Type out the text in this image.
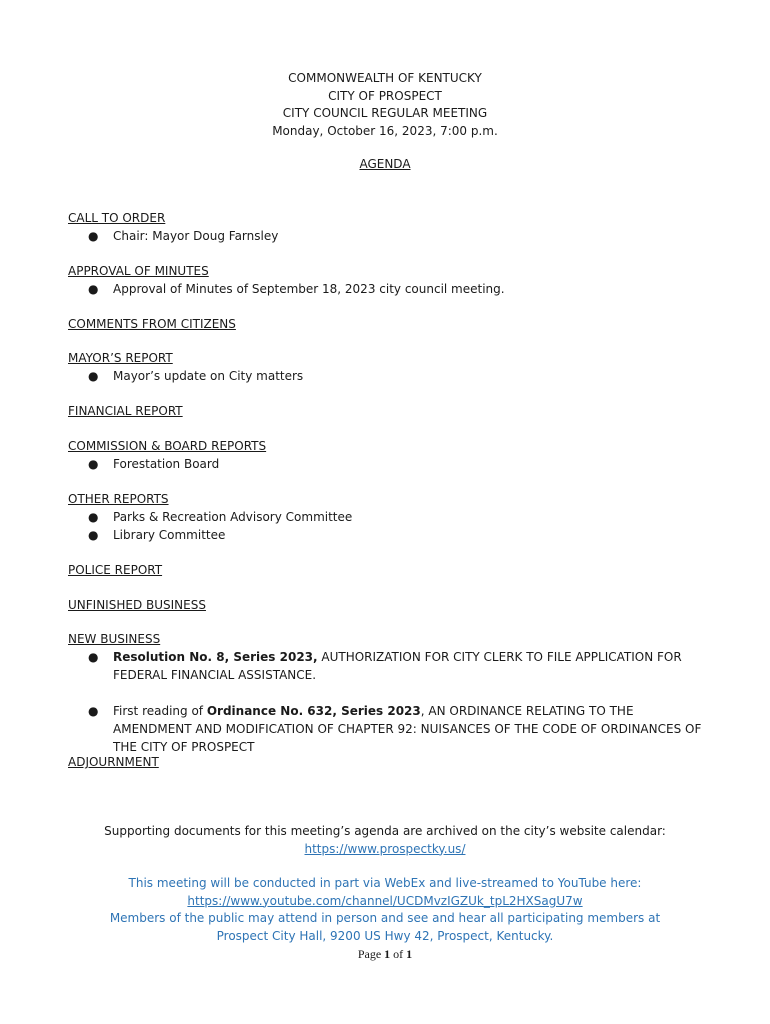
COMMONWEALTH OF KENTUCKY
CITY OF PROSPECT
CITY COUNCIL REGULAR MEETING
Monday, October 16, 2023, 7:00 p.m.
AGENDA
CALL TO ORDER
● Chair: Mayor Doug Farnsley
APPROVAL OF MINUTES
● Approval of Minutes of September 18, 2023 city council meeting.
COMMENTS FROM CITIZENS
MAYOR’S REPORT
● Mayor’s update on City matters
FINANCIAL REPORT
COMMISSION & BOARD REPORTS
● Forestation Board
OTHER REPORTS
● Parks & Recreation Advisory Committee
● Library Committee
POLICE REPORT
UNFINISHED BUSINESS
NEW BUSINESS
● Resolution No. 8, Series 2023, AUTHORIZATION FOR CITY CLERK TO FILE APPLICATION FOR FEDERAL FINANCIAL ASSISTANCE.
● First reading of Ordinance No. 632, Series 2023, AN ORDINANCE RELATING TO THE AMENDMENT AND MODIFICATION OF CHAPTER 92: NUISANCES OF THE CODE OF ORDINANCES OF THE CITY OF PROSPECT
ADJOURNMENT
Supporting documents for this meeting’s agenda are archived on the city’s website calendar:
https://www.prospectky.us/
This meeting will be conducted in part via WebEx and live-streamed to YouTube here:
https://www.youtube.com/channel/UCDMvzIGZUk_tpL2HXSagU7w
Members of the public may attend in person and see and hear all participating members at
Prospect City Hall, 9200 US Hwy 42, Prospect, Kentucky.
Page 1 of 1
